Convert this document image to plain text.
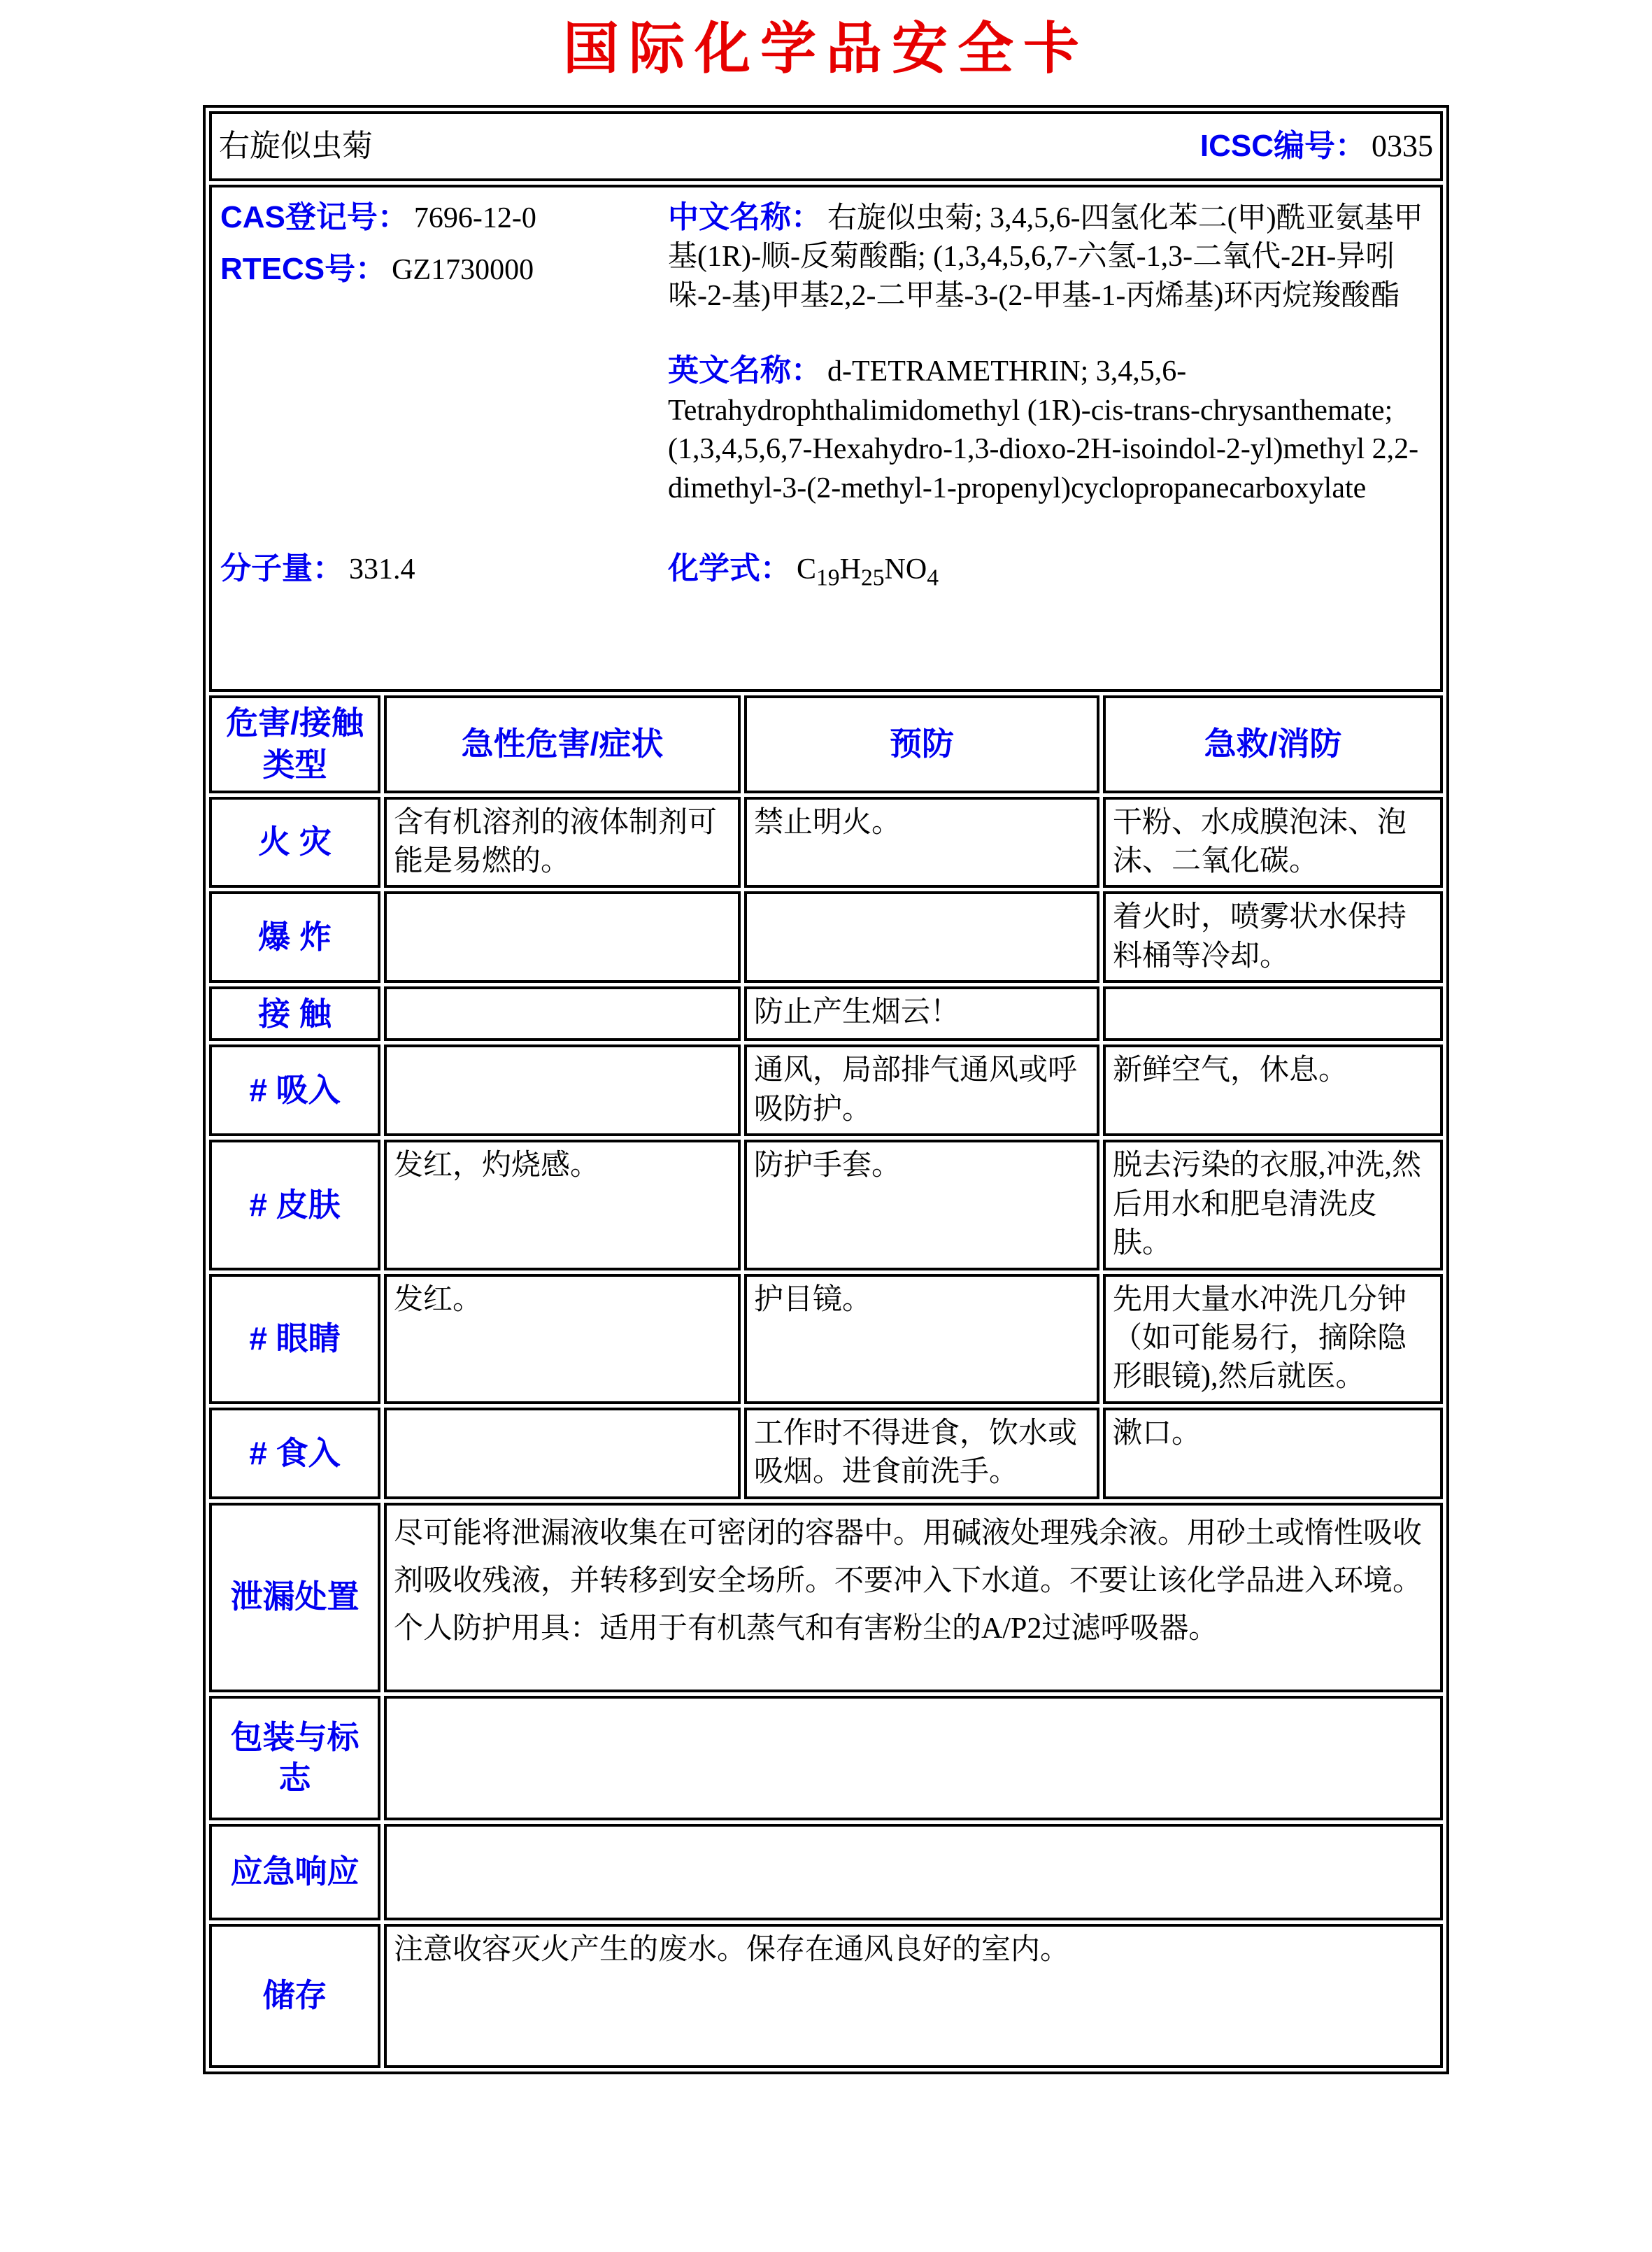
国际化学品安全卡
右旋似虫菊 ICSC编号： 0335			

CAS登记号： 7696-12-0
RTECS号： GZ1730000

中文名称： 右旋似虫菊; 3,4,5,6-四氢化苯二(甲)酰亚氨基甲基(1R)-顺-反菊酸酯; (1,3,4,5,6,7-六氢-1,3-二氧代-2H-异吲哚-2-基)甲基2,2-二甲基-3-(2-甲基-1-丙烯基)环丙烷羧酸酯

英文名称： d-TETRAMETHRIN; 3,4,5,6-Tetrahydrophthalimidomethyl (1R)-cis-trans-chrysanthemate; (1,3,4,5,6,7-Hexahydro-1,3-dioxo-2H-isoindol-2-yl)methyl 2,2-dimethyl-3-(2-methyl-1-propenyl)cyclopropanecarboxylate

分子量： 331.4	化学式： $C_{19}H_{25}NO_4$

危害/接触类型	急性危害/症状	预防	急救/消防
火 灾	含有机溶剂的液体制剂可能是易燃的。	禁止明火。	干粉、水成膜泡沫、泡沫、二氧化碳。
爆 炸			着火时，喷雾状水保持料桶等冷却。
接 触		防止产生烟云！	
# 吸入		通风，局部排气通风或呼吸防护。	新鲜空气，休息。
# 皮肤	发红，灼烧感。	防护手套。	脱去污染的衣服,冲洗,然后用水和肥皂清洗皮肤。
# 眼睛	发红。	护目镜。	先用大量水冲洗几分钟（如可能易行，摘除隐形眼镜),然后就医。
# 食入		工作时不得进食，饮水或吸烟。进食前洗手。	漱口。
泄漏处置	尽可能将泄漏液收集在可密闭的容器中。用碱液处理残余液。用砂土或惰性吸收剂吸收残液，并转移到安全场所。不要冲入下水道。不要让该化学品进入环境。个人防护用具：适用于有机蒸气和有害粉尘的A/P2过滤呼吸器。		
包装与标志			
应急响应			
储存	注意收容灭火产生的废水。保存在通风良好的室内。		
